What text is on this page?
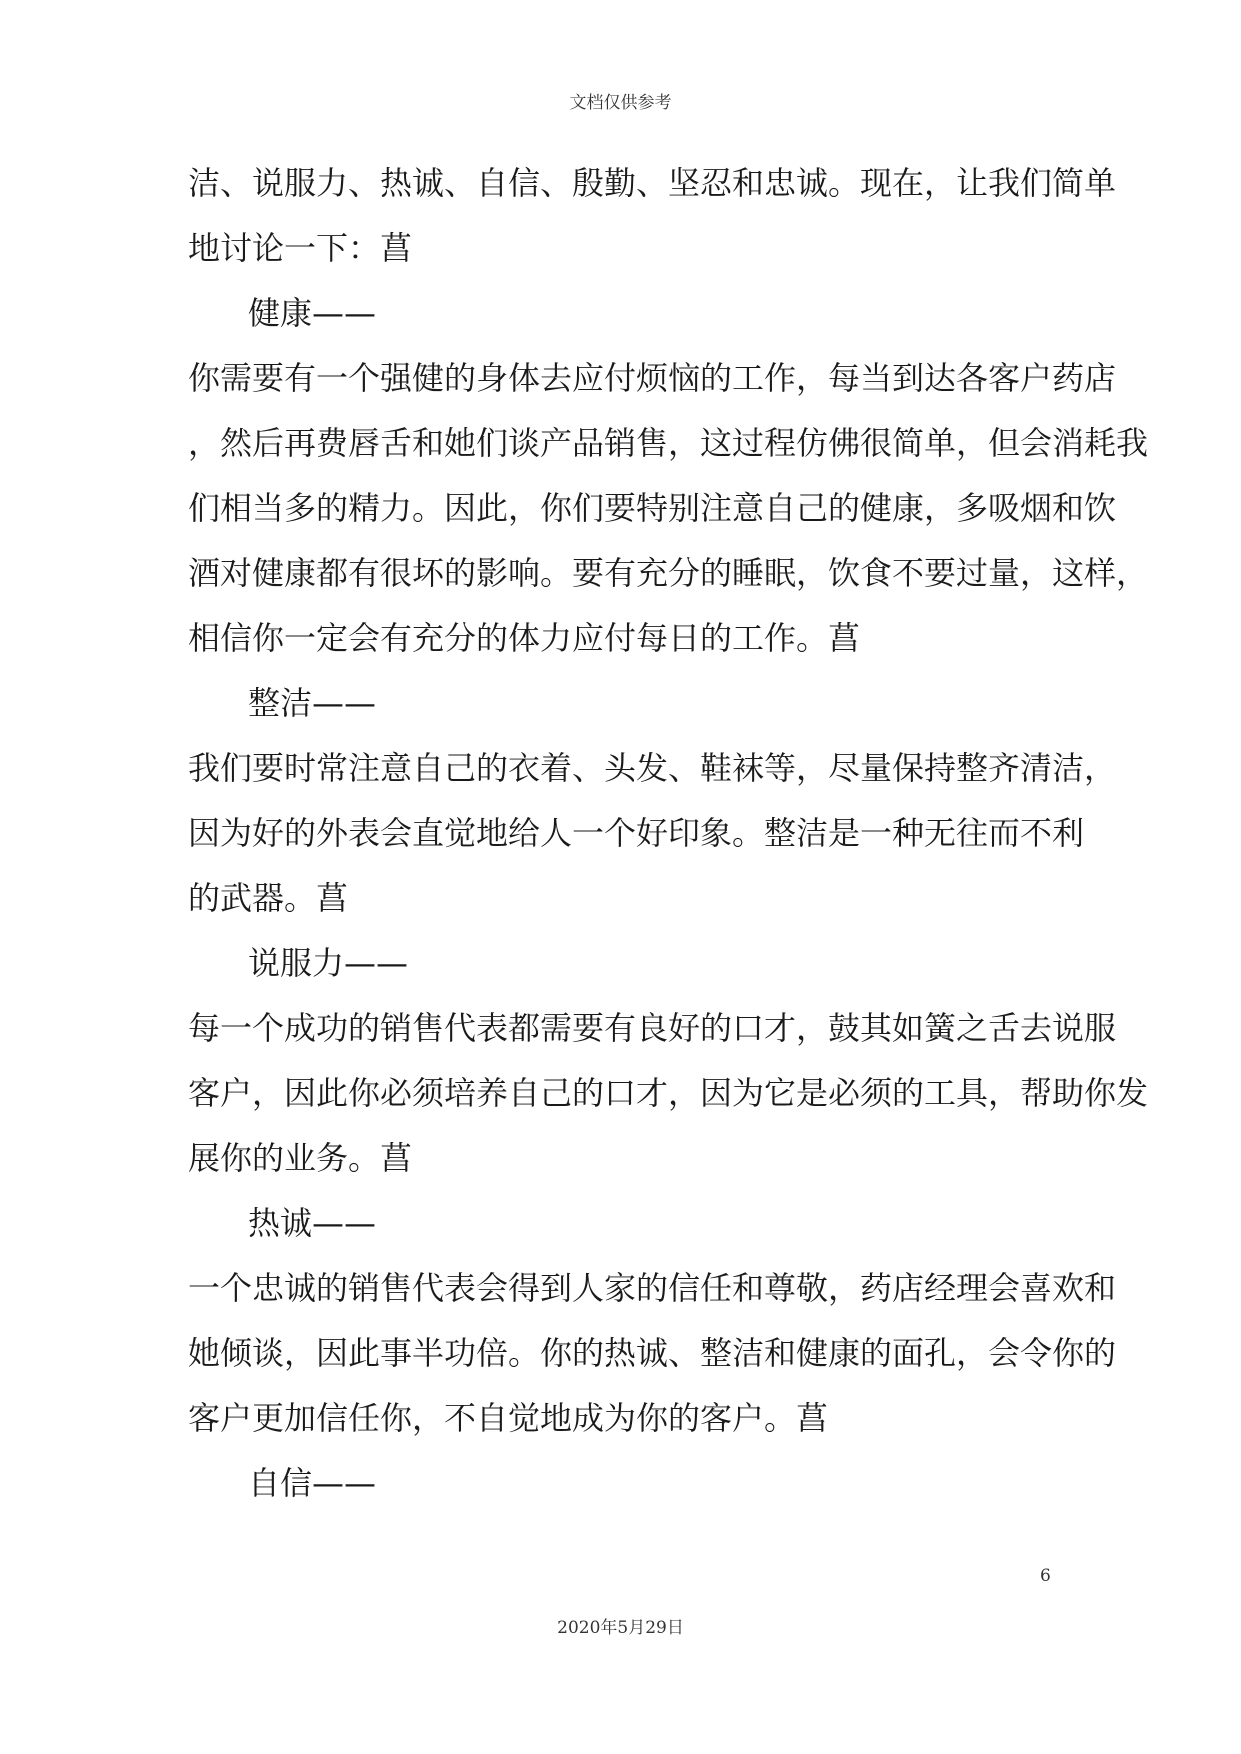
文档仅供参考
洁、说服力、热诚、自信、殷勤、坚忍和忠诚。现在，让我们简单
地讨论一下：菖
健康——
你需要有一个强健的身体去应付烦恼的工作，每当到达各客户药店
，然后再费唇舌和她们谈产品销售，这过程仿佛很简单，但会消耗我
们相当多的精力。因此，你们要特别注意自己的健康，多吸烟和饮
酒对健康都有很坏的影响。要有充分的睡眠，饮食不要过量，这样，
相信你一定会有充分的体力应付每日的工作。菖
整洁——
我们要时常注意自己的衣着、头发、鞋袜等，尽量保持整齐清洁，
因为好的外表会直觉地给人一个好印象。整洁是一种无往而不利
的武器。菖
说服力——
每一个成功的销售代表都需要有良好的口才，鼓其如簧之舌去说服
客户，因此你必须培养自己的口才，因为它是必须的工具，帮助你发
展你的业务。菖
热诚——
一个忠诚的销售代表会得到人家的信任和尊敬，药店经理会喜欢和
她倾谈，因此事半功倍。你的热诚、整洁和健康的面孔，会令你的
客户更加信任你，不自觉地成为你的客户。菖
自信——
6
2020年5月29日
